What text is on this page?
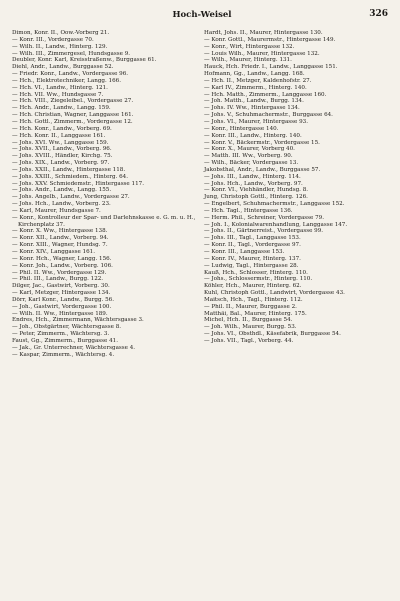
Hoch-Weisel	326
Dimon, Konr. II., Oow.-Vorberg 21.
— Konr. III., Vordergasse 70.
— Wilh. II., Landw., Hinterg. 129.
— Wilh. III., Zimmergesel, Hundsgasse 9.
Deubler, Konr. Karl, Kreisstraßenw., Burggasse 61.
Diehl, Andr., Landw., Burggasse 52.
— Friedr. Konr., Landw., Vordergasse 96.
— Hch., Elektrotechniker, Langg. 166.
— Hch. VI., Landw., Hinterg. 121.
— Hch. VII. Ww., Hundsgasse 7.
— Hch. VIII., Ziegeleibel., Vordergasse 27.
— Hch. Andr., Landw., Langg. 159.
— Hch. Christian, Wagner, Langgasse 161.
— Hch. Gottl., Zimmerm., Vordergasse 12.
— Hch. Konr., Landw., Vorberg. 69.
— Hch. Konr. II., Langgasse 161.
— Johs. XVI. Ww., Langgasse 159.
— Johs. XVII., Landw., Vorberg. 96.
— Johs. XVIII., Händler, Kirchg. 75.
— Johs. XIX., Landw., Vorberg. 97.
— Johs. XXII., Landw., Hintergasse 118.
— Johs. XXIII., Schmiedem., Hinterg. 64.
— Johs. XXV. Schmiedemstr., Hintergasse 117.
— Johs. Andr., Landw., Langg. 155.
— Johs. Angelb., Landw., Vordergasse 27.
— Johs. Hch., Landw., Vorberg. 23.
— Karl, Maurer, Hundsgasse 7.
— Konr., Kontrolleur der Spar- und Darlehnskasse e. G. m. u. H., Kirchenplatz 37.
— Konr. X. Ww., Hintergasse 138.
— Konr. XII., Landw., Vorberg. 94.
— Konr. XIII., Wagner, Hundsg. 7.
— Konr. XIV., Langgasse 161.
— Konr. Hch., Wagner, Langg. 156.
— Konr. Joh., Landw., Vorberg. 106.
— Phil. II. Ww., Vordergasse 129.
— Phil. III., Landw., Burgg. 122.
Dilger, Jac., Gastwirt, Vorberg. 30.
— Karl, Metzger, Hintergasse 134.
Dörr, Karl Konr., Landw., Burgg. 56.
— Joh., Gastwirt, Vordergasse 100.
— Wilh. II. Ww., Hintergasse 189.
Endres, Hch., Zimmermann, Wächtersgasse 3.
— Joh., Obstgärtner, Wächtersgasse 8.
— Peter, Zimmerm., Wächtersg. 3.
Faust, Gg., Zimmerm., Burggasse 41.
— Jak., Gr. Unterrechner, Wächtersgasse 4.
— Kaspar, Zimmerm., Wächtersg. 4.
Hardt, Johs. II., Maurer, Hintergasse 130.
— Konr. Gottl., Maurermstr., Hintergasse 149.
— Konr., Wirt, Hintergasse 132.
— Louis Wilh., Maurer, Hintergasse 132.
— Wilh., Maurer, Hinterg. 131.
Hauck, Hch. Friedr. I., Landw., Langgasse 151.
Hofmann, Gg., Landw., Langg. 168.
— Hch. II., Metzger, Kaldenhofstr. 27.
— Karl IV., Zimmerm., Hinterg. 140.
— Hch. Matth., Zimmerm., Langgasse 160.
— Joh. Matth., Landw., Burgg. 134.
— Johs. IV. Ww., Hintergasse 134.
— Johs. V., Schuhmachermstr., Burggasse 64.
— Johs. VI., Maurer, Hintergasse 93.
— Konr., Hintergasse 140.
— Konr. III., Landw., Hinterg. 140.
— Konr. V., Bäckermstr., Vordergasse 15.
— Konr. X., Maurer, Vorberg 40.
— Matth. III. Ww., Vorberg. 90.
— Wilh., Bäcker, Vordergasse 13.
Jakobsthal, Andr., Landw., Burggasse 57.
— Johs. III., Landw., Hinterg. 114.
— Johs. Hch., Landw., Vorberg. 97.
— Konr. VI., Viehhändler, Hundsg. 8.
Jung, Christoph Gottl., Hinterg. 126.
— Engelbert, Schuhmachermstr., Langgasse 152.
— Hch. Tagl., Hintergasse 136.
— Herm. Phil., Schreiner, Vordergasse 79.
— Joh. I., Kolonialwarenhandlung, Langgasse 147.
— Johs. II., Gärtnerreist., Vordergasse 99.
— Johs. III., Tagl., Langgasse 153.
— Konr. II., Tagl., Vordergasse 97.
— Konr. III., Langgasse 153.
— Konr. IV., Maurer, Hinterg. 137.
— Ludwig, Tagl., Hintergasse 28.
Kauß, Hch., Schlosser, Hinterg. 110.
— Johs., Schlossermstr., Hinterg. 110.
Köhler, Hch., Maurer, Hinterg. 62.
Kuhl, Christoph Gottl., Landwirt, Vordergasse 43.
Maitsch, Hch., Tagl., Hinterg. 112.
— Phil. II., Maurer, Burggasse 2.
Matthäi, Bal., Maurer, Hinterg. 175.
Michel, Hch. II., Burggasse 54.
— Joh. Wilh., Maurer, Burgg. 53.
— Johs. VI., Obsthdl., Käsefabrik, Burggasse 54.
— Johs. VII., Tagl., Vorberg. 44.
